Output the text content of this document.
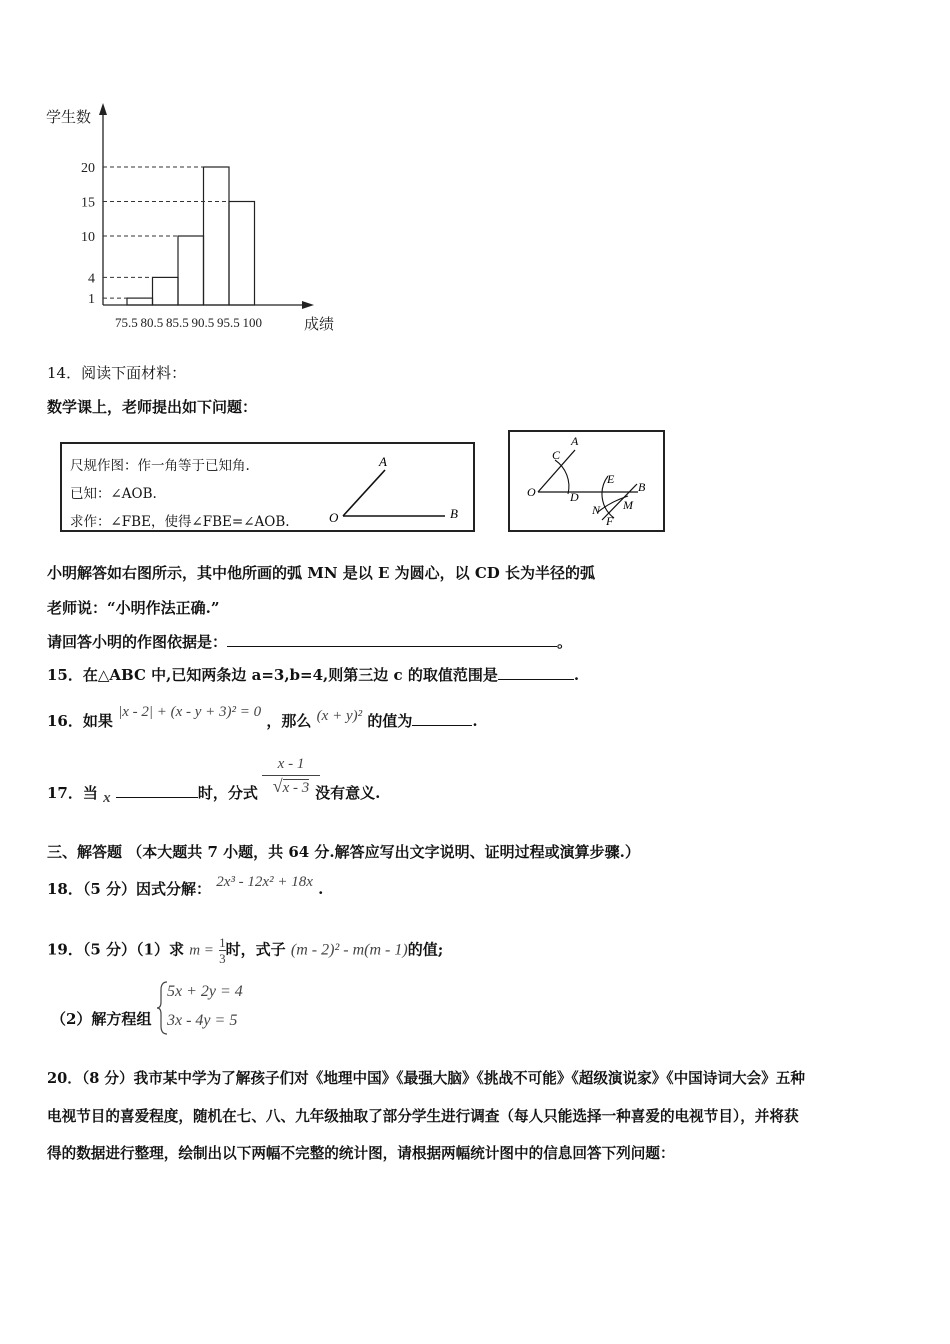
学生数
成绩
20
15
10
4
1
75.5 80.5 85.5 90.5 95.5 100
14．阅读下面材料：
数学课上，老师提出如下问题：
尺规作图：作一角等于已知角.
已知：∠AOB.
求作：∠FBE，使得∠FBE=∠AOB.
A
O	B
A
C
O	D
E
B
N
F
M
小明解答如右图所示，其中他所画的弧 MN 是以 E 为圆心，以 CD 长为半径的弧
老师说：“小明作法正确.”
请回答小明的作图依据是：	。
15．在△ABC 中,已知两条边 a=3,b=4,则第三边 c 的取值范围是	.
16．如果 |x - 2| + (x - y + 3)² = 0 ，那么 (x + y)² 的值为	.
17．当 x	时，分式	没有意义.
x - 1
√x - 3
三、解答题 （本大题共 7 小题，共 64 分.解答应写出文字说明、证明过程或演算步骤.）
18．（5 分）因式分解： 2x³ - 12x² + 18x .
19．（5 分）（1）求 $m = \frac{1}{3}$ 时，式子 (m - 2)² - m(m - 1)的值;
（2）解方程组
5x + 2y = 4
3x - 4y = 5
20．（8 分）我市某中学为了解孩子们对《地理中国》《最强大脑》《挑战不可能》《超级演说家》《中国诗词大会》五种
电视节目的喜爱程度，随机在七、八、九年级抽取了部分学生进行调查（每人只能选择一种喜爱的电视节目），并将获
得的数据进行整理，绘制出以下两幅不完整的统计图，请根据两幅统计图中的信息回答下列问题：
